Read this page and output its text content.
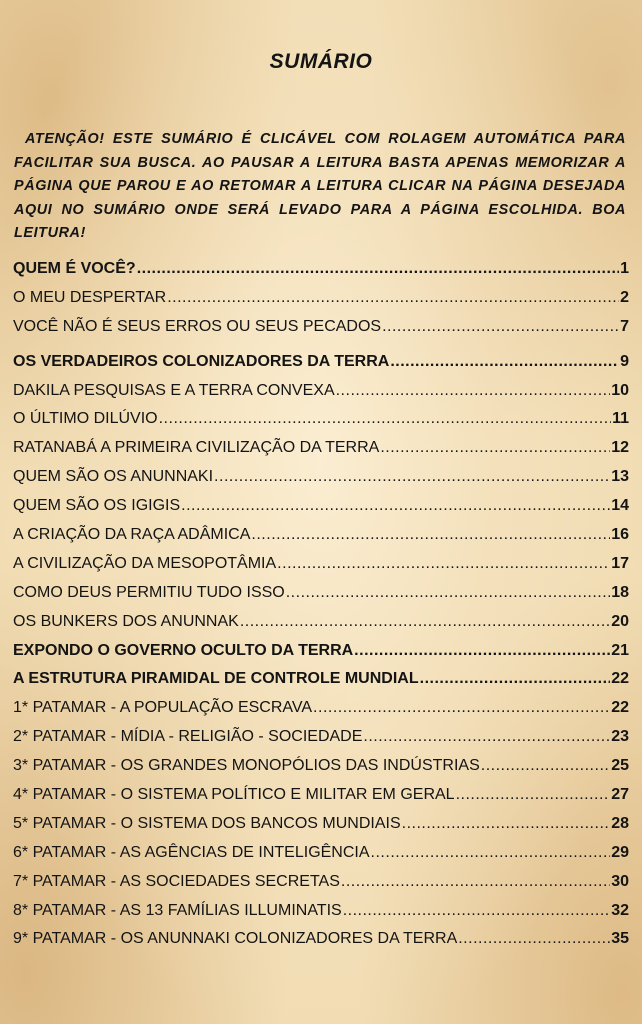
SUMÁRIO
ATENÇÃO! ESTE SUMÁRIO É CLICÁVEL COM ROLAGEM AUTOMÁTICA PARA FACILITAR SUA BUSCA. AO PAUSAR A LEITURA BASTA APENAS MEMORIZAR A PÁGINA QUE PAROU E AO RETOMAR A LEITURA CLICAR NA PÁGINA DESEJADA AQUI NO SUMÁRIO ONDE SERÁ LEVADO PARA A PÁGINA ESCOLHIDA. BOA LEITURA!
QUEM É VOCÊ? .....	1
O MEU DESPERTAR .....	2
VOCÊ NÃO É SEUS ERROS OU SEUS PECADOS .....	7
OS VERDADEIROS COLONIZADORES DA TERRA .....	9
DAKILA PESQUISAS E A TERRA CONVEXA .....	10
O ÚLTIMO DILÚVIO .....	11
RATANABÁ A PRIMEIRA CIVILIZAÇÃO DA TERRA .....	12
QUEM SÃO OS ANUNNAKI .....	13
QUEM SÃO OS IGIGIS .....	14
A CRIAÇÃO DA RAÇA ADÂMICA .....	16
A CIVILIZAÇÃO DA MESOPOTÂMIA .....	17
COMO DEUS PERMITIU TUDO ISSO .....	18
OS BUNKERS DOS ANUNNAK .....	20
EXPONDO O GOVERNO OCULTO DA TERRA .....	21
A ESTRUTURA PIRAMIDAL DE CONTROLE MUNDIAL .....	22
1* PATAMAR - A POPULAÇÃO ESCRAVA .....	22
2* PATAMAR - MÍDIA - RELIGIÃO - SOCIEDADE .....	23
3* PATAMAR - OS GRANDES MONOPÓLIOS DAS INDÚSTRIAS .....	25
4* PATAMAR - O SISTEMA POLÍTICO E MILITAR EM GERAL .....	27
5* PATAMAR - O SISTEMA DOS BANCOS MUNDIAIS .....	28
6* PATAMAR - AS AGÊNCIAS DE INTELIGÊNCIA .....	29
7* PATAMAR - AS SOCIEDADES SECRETAS .....	30
8* PATAMAR - AS 13 FAMÍLIAS ILLUMINATIS .....	32
9* PATAMAR - OS ANUNNAKI COLONIZADORES DA TERRA .....	35
